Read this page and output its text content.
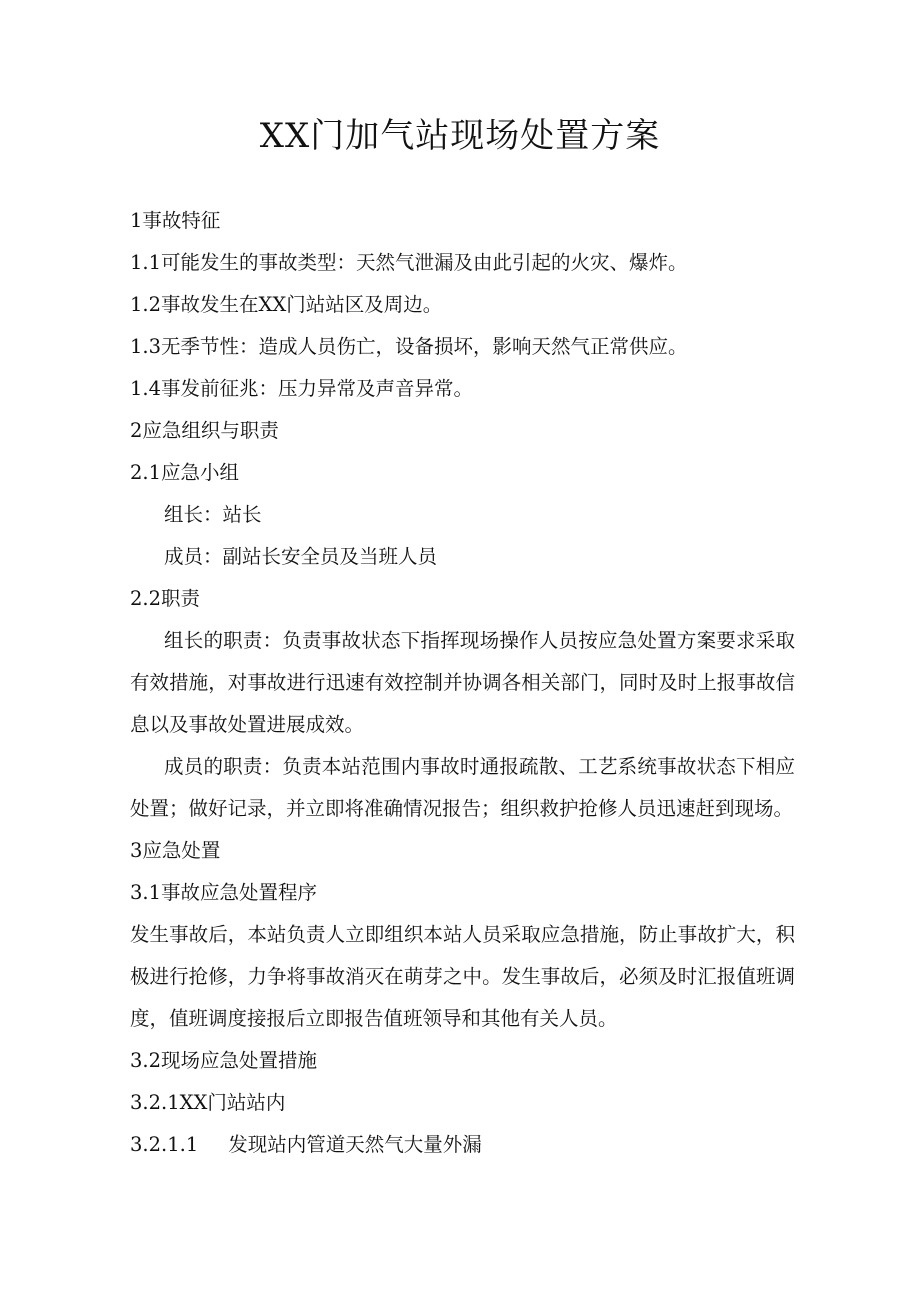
XX门加气站现场处置方案

1事故特征

1.1可能发生的事故类型：天然气泄漏及由此引起的火灾、爆炸。

1.2事故发生在XX门站站区及周边。

1.3无季节性：造成人员伤亡，设备损坏，影响天然气正常供应。

1.4事发前征兆：压力异常及声音异常。

2应急组织与职责

2.1应急小组

组长：站长

成员：副站长安全员及当班人员

2.2职责

组长的职责：负责事故状态下指挥现场操作人员按应急处置方案要求采取有效措施，对事故进行迅速有效控制并协调各相关部门，同时及时上报事故信息以及事故处置进展成效。

成员的职责：负责本站范围内事故时通报疏散、工艺系统事故状态下相应处置；做好记录，并立即将准确情况报告；组织救护抢修人员迅速赶到现场。

3应急处置

3.1事故应急处置程序

发生事故后，本站负责人立即组织本站人员采取应急措施，防止事故扩大，积极进行抢修，力争将事故消灭在萌芽之中。发生事故后，必须及时汇报值班调度，值班调度接报后立即报告值班领导和其他有关人员。

3.2现场应急处置措施

3.2.1XX门站站内

3.2.1.1 发现站内管道天然气大量外漏
